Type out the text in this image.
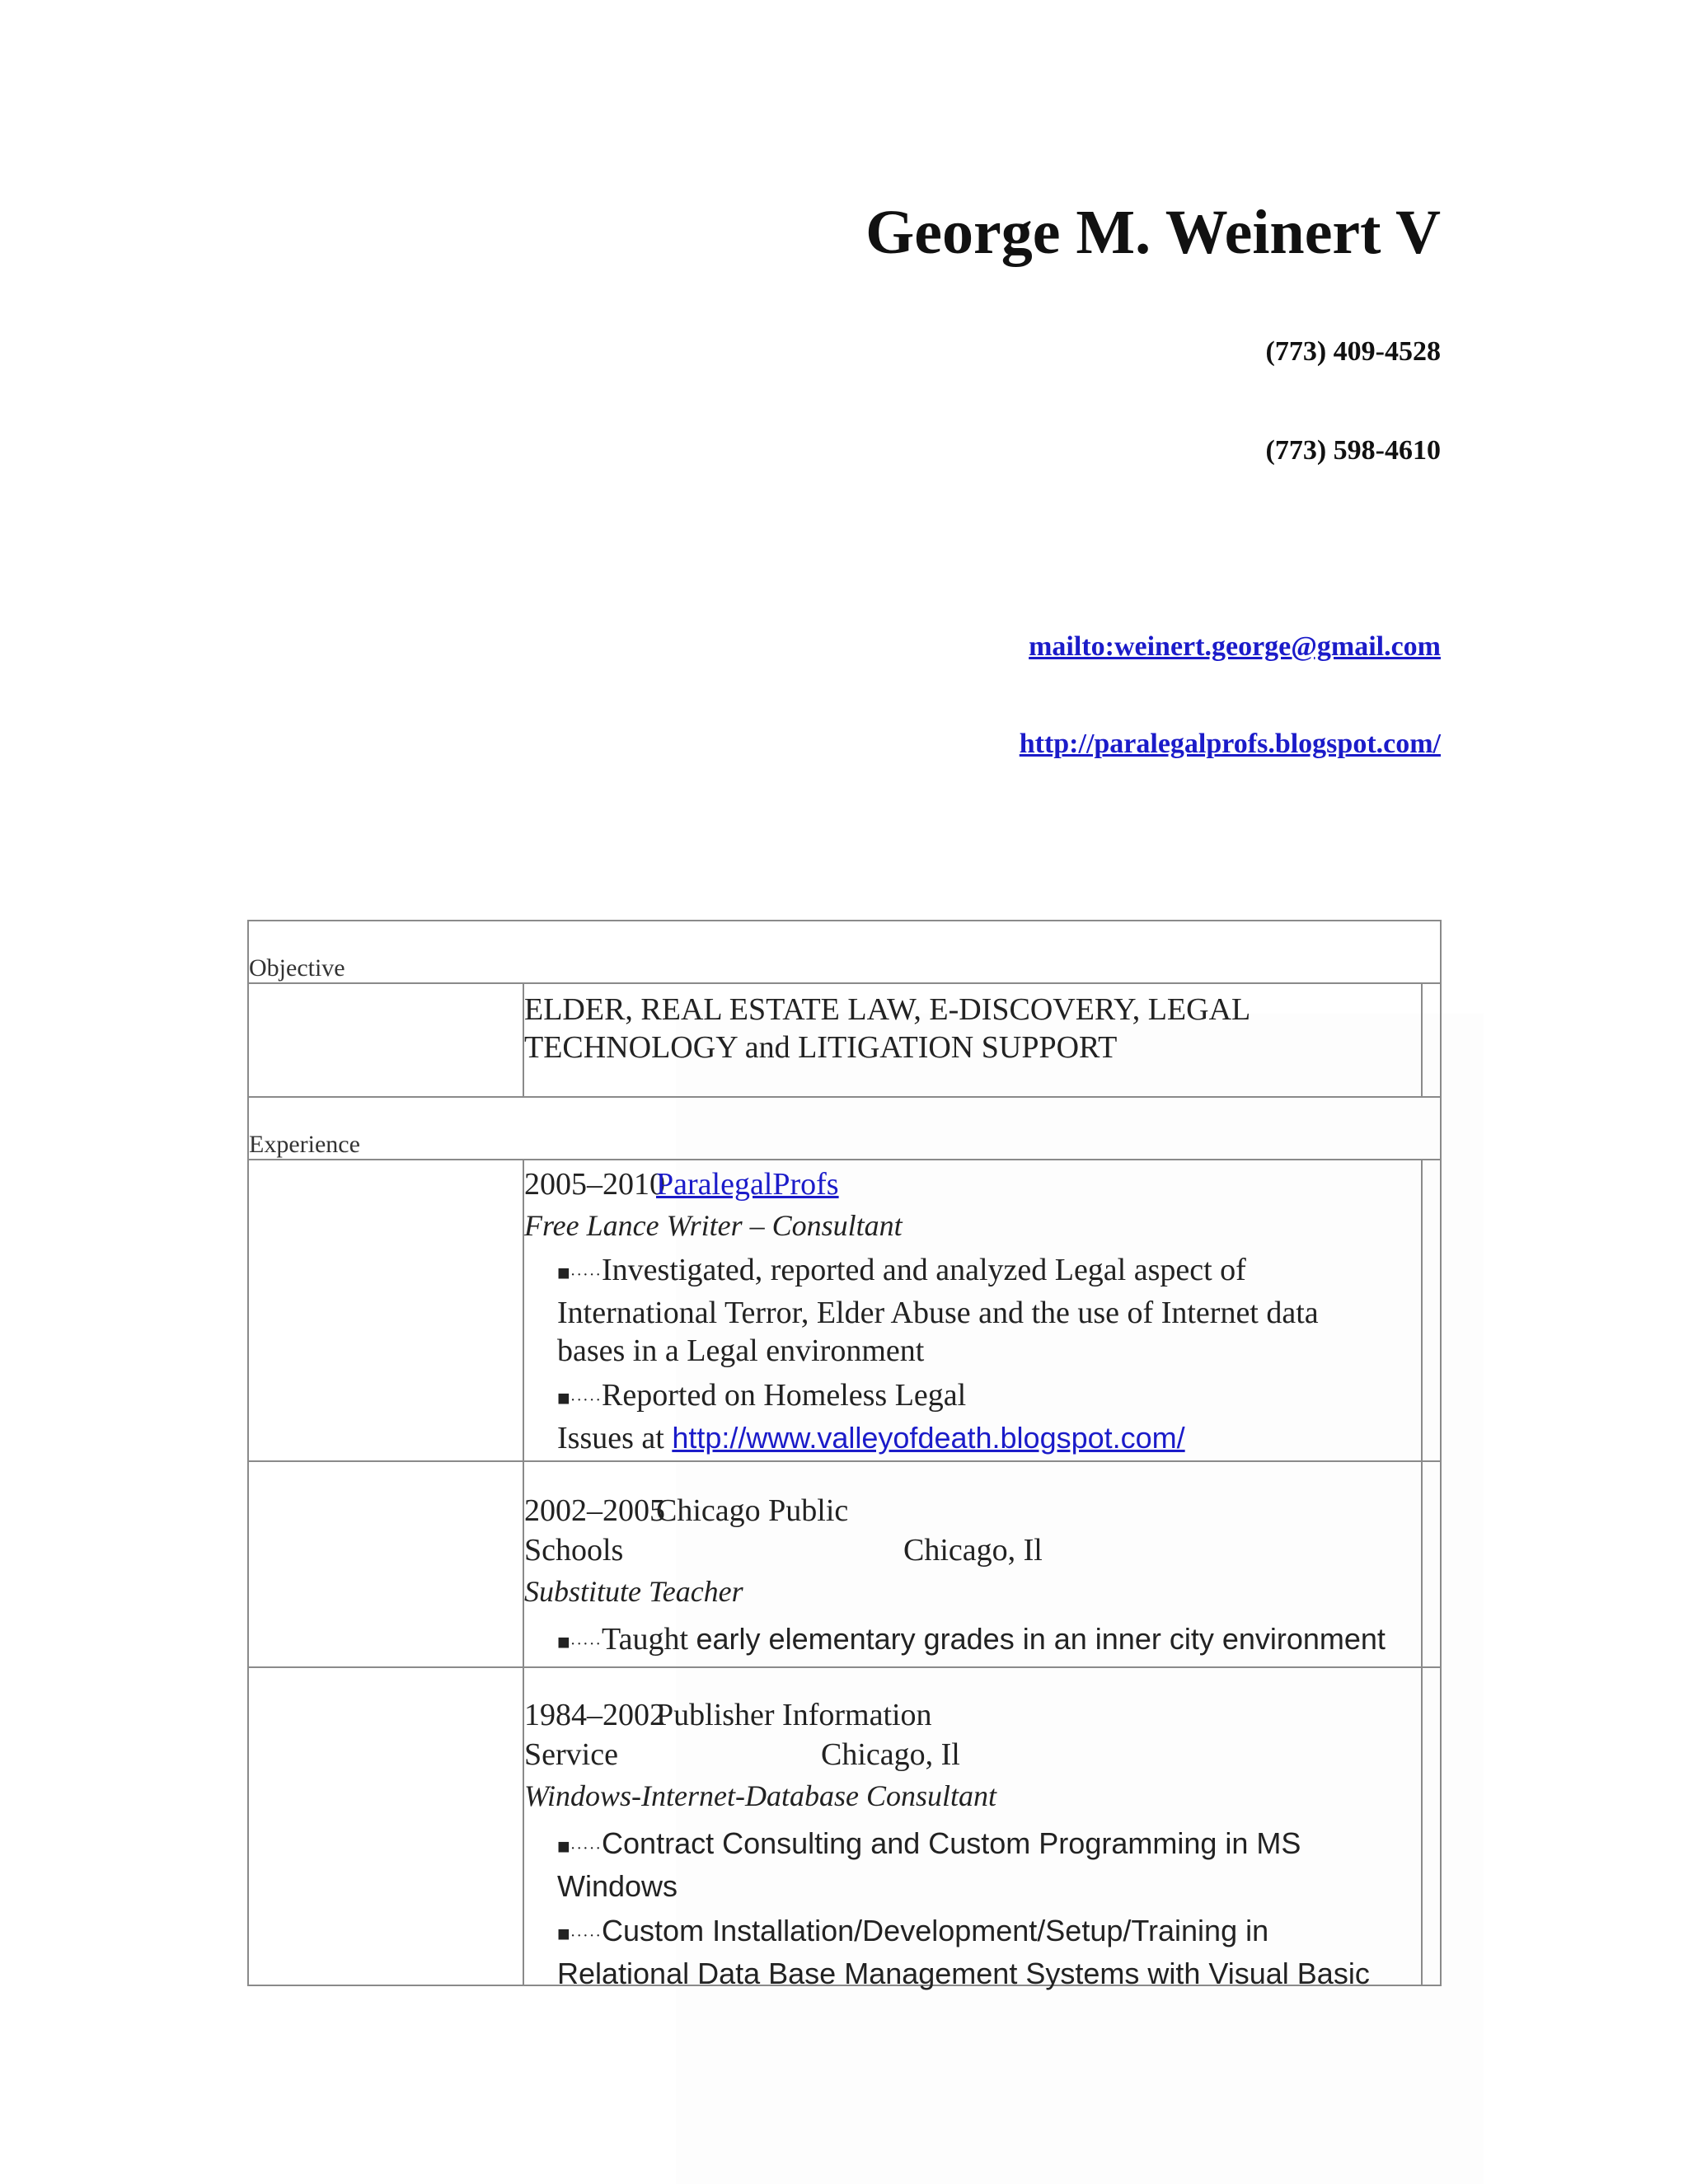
George M. Weinert V
(773) 409-4528
(773) 598-4610
mailto:weinert.george@gmail.com
http://paralegalprofs.blogspot.com/
Objective
ELDER, REAL ESTATE LAW, E-DISCOVERY, LEGAL
TECHNOLOGY and LITIGATION SUPPORT
Experience
2005–2010ParalegalProfs
Free Lance Writer – Consultant
■·····Investigated, reported and analyzed Legal aspect of
International Terror, Elder Abuse and the use of Internet data
bases in a Legal environment
■·····Reported on Homeless Legal
Issues at http://www.valleyofdeath.blogspot.com/
2002–2005Chicago Public
Schools	Chicago, Il
Substitute Teacher
■·····Taught early elementary grades in an inner city environment
1984–2002Publisher Information
Service	Chicago, Il
Windows-Internet-Database Consultant
■·····Contract Consulting and Custom Programming in MS
Windows
■·····Custom Installation/Development/Setup/Training in
Relational Data Base Management Systems with Visual Basic
